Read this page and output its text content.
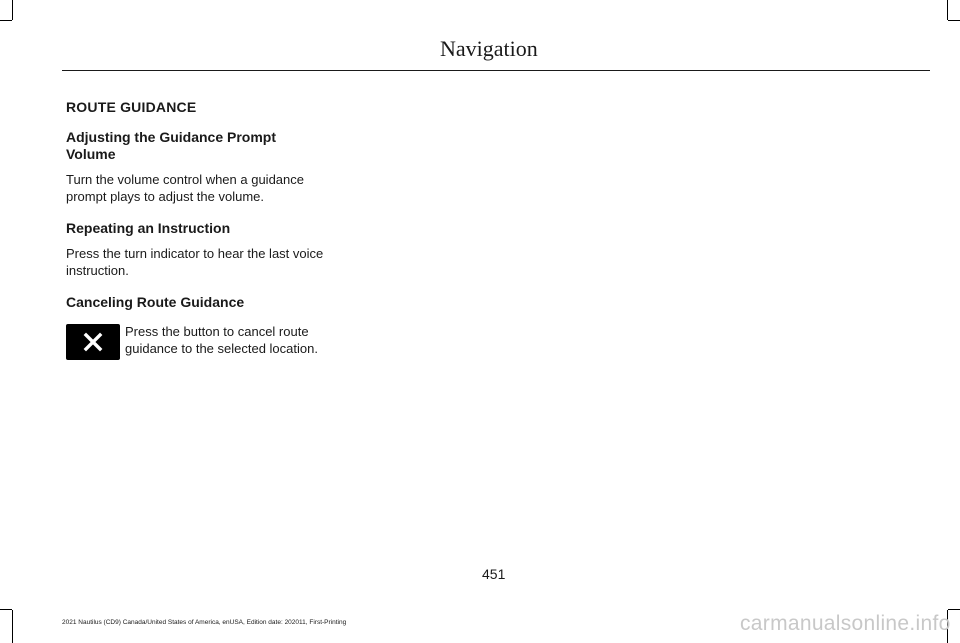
Navigation
ROUTE GUIDANCE
Adjusting the Guidance Prompt
Volume

Turn the volume control when a guidance prompt plays to adjust the volume.

Repeating an Instruction

Press the turn indicator to hear the last voice instruction.

Canceling Route Guidance

Press the button to cancel route guidance to the selected location.

451

2021 Nautilus (CD9) Canada/United States of America, enUSA, Edition date: 202011, First-Printing	carmanualsonline.info
